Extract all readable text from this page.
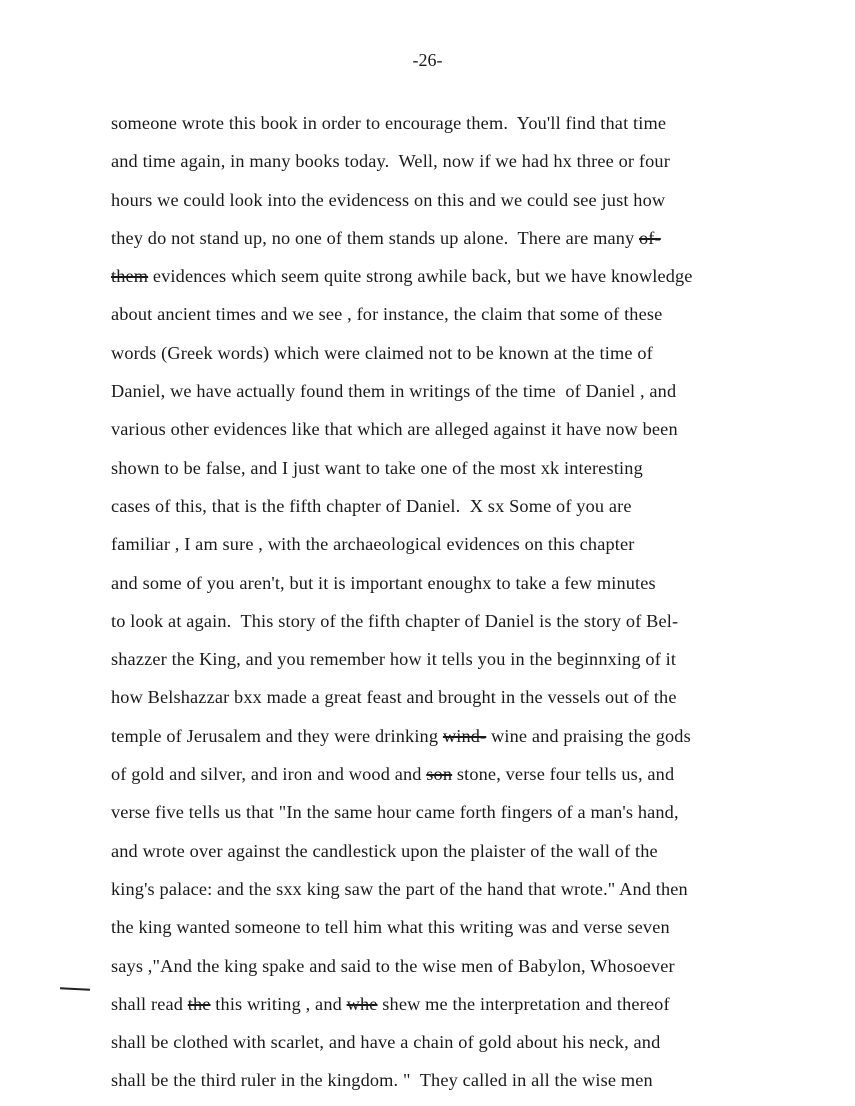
-26-
someone wrote this book in order to encourage them.  You'll find that time
and time again, in many books today.  Well, now if we had hx three or four
hours we could look into the evidencess on this and we could see just how
they do not stand up, no one of them stands up alone.  There are many of-
them evidences which seem quite strong awhile back, but we have knowledge
about ancient times and we see , for instance, the claim that some of these
words (Greek words) which were claimed not to be known at the time of
Daniel, we have actually found them in writings of the time  of Daniel , and
various other evidences like that which are alleged against it have now been
shown to be false, and I just want to take one of the most xk interesting
cases of this, that is the fifth chapter of Daniel.  X sx Some of you are
familiar , I am sure , with the archaeological evidences on this chapter
and some of you aren't, but it is important enoughx to take a few minutes
to look at again.  This story of the fifth chapter of Daniel is the story of Bel-
shazzer the King, and you remember how it tells you in the beginnxing of it
how Belshazzar bxx made a great feast and brought in the vessels out of the
temple of Jerusalem and they were drinking wind- wine and praising the gods
of gold and silver, and iron and wood and son stone, verse four tells us, and
verse five tells us that "In the same hour came forth fingers of a man's hand,
and wrote over against the candlestick upon the plaister of the wall of the
king's palace: and the sxx king saw the part of the hand that wrote." And then
the king wanted someone to tell him what this writing was and verse seven
says ,"And the king spake and said to the wise men of Babylon, Whosoever
shall read the this writing , and whe shew me the interpretation and thereof
shall be clothed with scarlet, and have a chain of gold about his neck, and
shall be the third ruler in the kingdom. "  They called in all the wise men
